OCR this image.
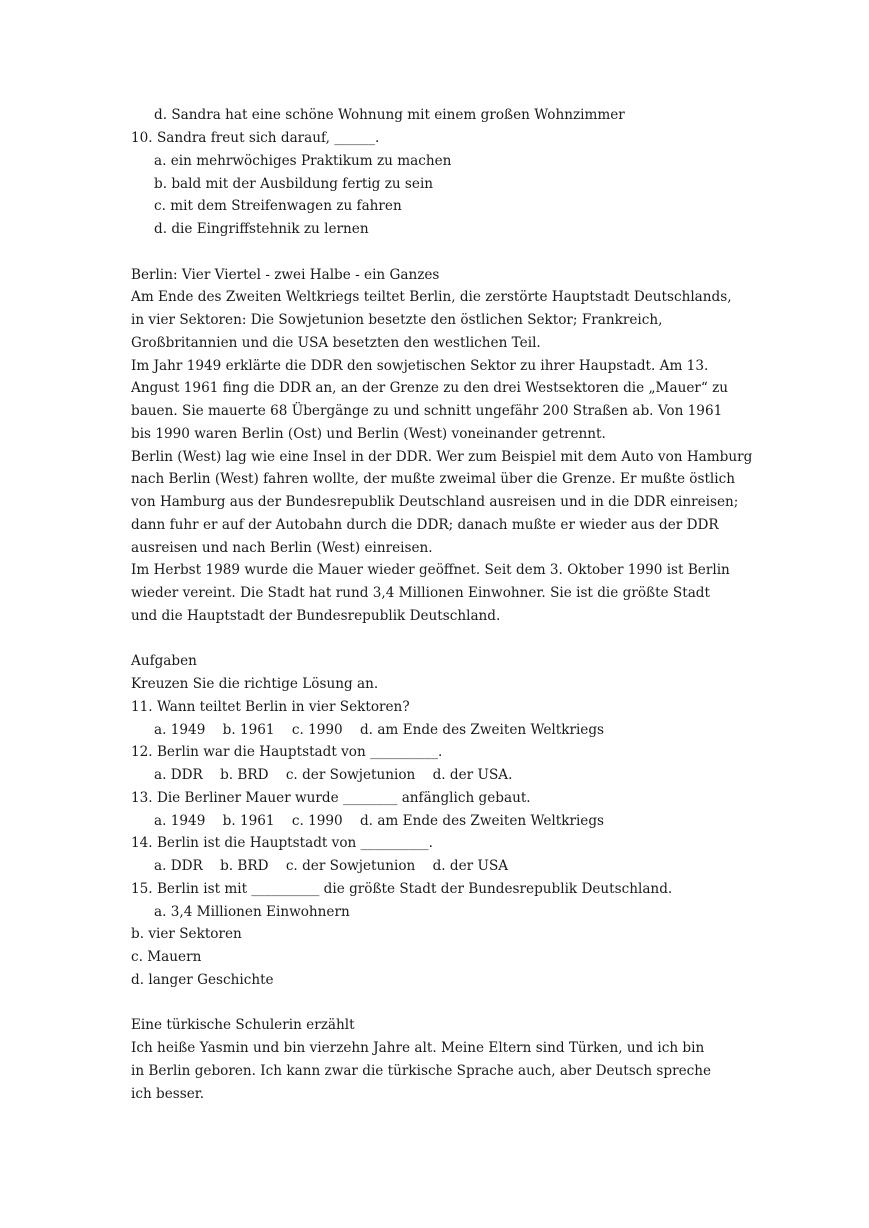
d. Sandra hat eine schöne Wohnung mit einem großen Wohnzimmer
10. Sandra freut sich darauf, ______.
a. ein mehrwöchiges Praktikum zu machen
b. bald mit der Ausbildung fertig zu sein
c. mit dem Streifenwagen zu fahren
d. die Eingriffstehnik zu lernen
Berlin: Vier Viertel - zwei Halbe - ein Ganzes
Am Ende des Zweiten Weltkriegs teiltet Berlin, die zerstörte Hauptstadt Deutschlands,
in vier Sektoren: Die Sowjetunion besetzte den östlichen Sektor; Frankreich,
Großbritannien und die USA besetzten den westlichen Teil.
Im Jahr 1949 erklärte die DDR den sowjetischen Sektor zu ihrer Haupstadt. Am 13.
Angust 1961 fing die DDR an, an der Grenze zu den drei Westsektoren die „Mauer“ zu
bauen. Sie mauerte 68 Übergänge zu und schnitt ungefähr 200 Straßen ab. Von 1961
bis 1990 waren Berlin (Ost) und Berlin (West) voneinander getrennt.
Berlin (West) lag wie eine Insel in der DDR. Wer zum Beispiel mit dem Auto von Hamburg
nach Berlin (West) fahren wollte, der mußte zweimal über die Grenze. Er mußte östlich
von Hamburg aus der Bundesrepublik Deutschland ausreisen und in die DDR einreisen;
dann fuhr er auf der Autobahn durch die DDR; danach mußte er wieder aus der DDR
ausreisen und nach Berlin (West) einreisen.
Im Herbst 1989 wurde die Mauer wieder geöffnet. Seit dem 3. Oktober 1990 ist Berlin
wieder vereint. Die Stadt hat rund 3,4 Millionen Einwohner. Sie ist die größte Stadt
und die Hauptstadt der Bundesrepublik Deutschland.
Aufgaben
Kreuzen Sie die richtige Lösung an.
11. Wann teiltet Berlin in vier Sektoren?
a. 1949    b. 1961    c. 1990    d. am Ende des Zweiten Weltkriegs
12. Berlin war die Hauptstadt von __________.
a. DDR    b. BRD    c. der Sowjetunion    d. der USA.
13. Die Berliner Mauer wurde ________ anfänglich gebaut.
a. 1949    b. 1961    c. 1990    d. am Ende des Zweiten Weltkriegs
14. Berlin ist die Hauptstadt von __________.
a. DDR    b. BRD    c. der Sowjetunion    d. der USA
15. Berlin ist mit __________ die größte Stadt der Bundesrepublik Deutschland.
a. 3,4 Millionen Einwohnern
b. vier Sektoren
c. Mauern
d. langer Geschichte
Eine türkische Schulerin erzählt
Ich heiße Yasmin und bin vierzehn Jahre alt. Meine Eltern sind Türken, und ich bin
in Berlin geboren. Ich kann zwar die türkische Sprache auch, aber Deutsch spreche
ich besser.
